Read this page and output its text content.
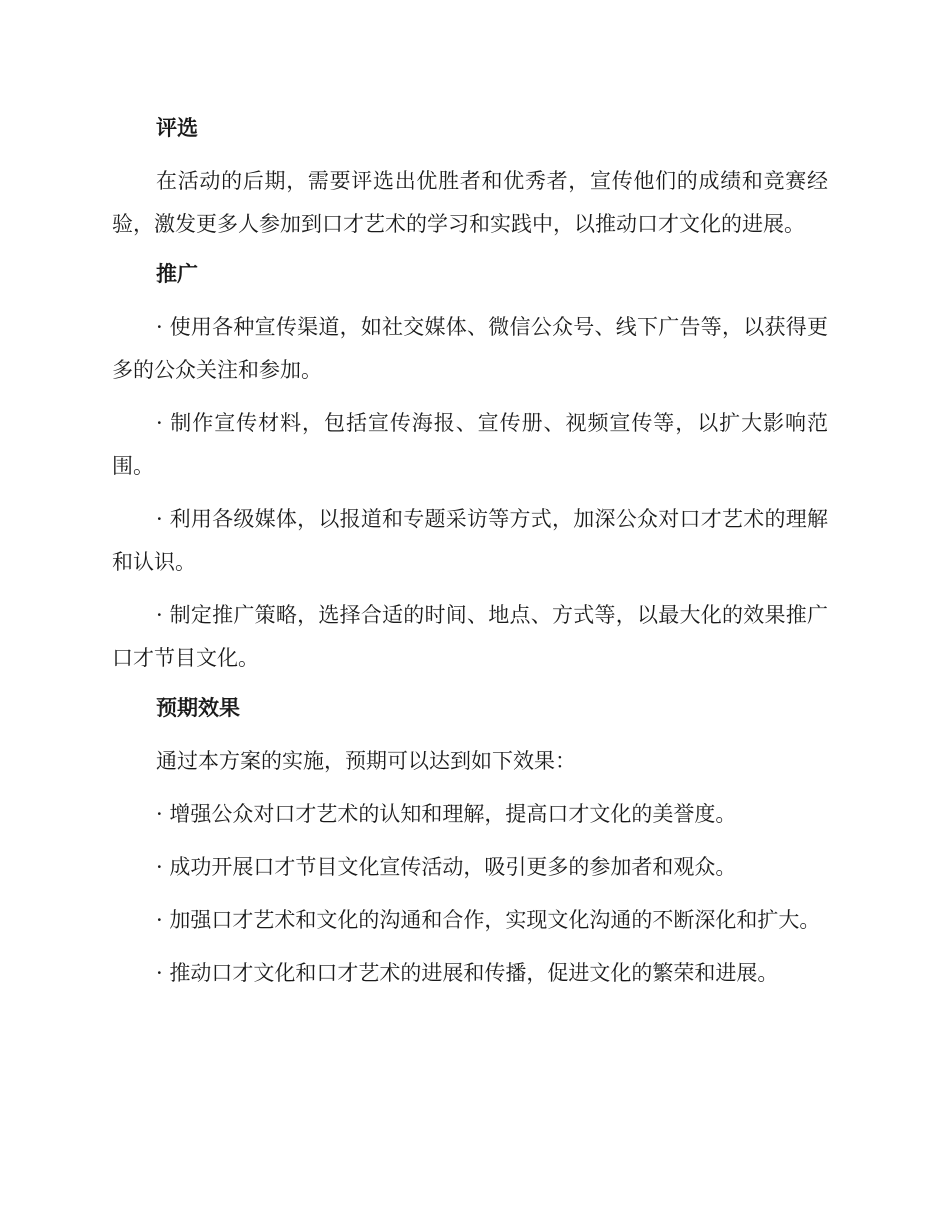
评选

在活动的后期，需要评选出优胜者和优秀者，宣传他们的成绩和竞赛经验，激发更多人参加到口才艺术的学习和实践中，以推动口才文化的进展。

推广

· 使用各种宣传渠道，如社交媒体、微信公众号、线下广告等，以获得更多的公众关注和参加。

· 制作宣传材料，包括宣传海报、宣传册、视频宣传等，以扩大影响范围。

· 利用各级媒体，以报道和专题采访等方式，加深公众对口才艺术的理解和认识。

· 制定推广策略，选择合适的时间、地点、方式等，以最大化的效果推广口才节目文化。

预期效果

通过本方案的实施，预期可以达到如下效果：

· 增强公众对口才艺术的认知和理解，提高口才文化的美誉度。

· 成功开展口才节目文化宣传活动，吸引更多的参加者和观众。

· 加强口才艺术和文化的沟通和合作，实现文化沟通的不断深化和扩大。

· 推动口才文化和口才艺术的进展和传播，促进文化的繁荣和进展。
